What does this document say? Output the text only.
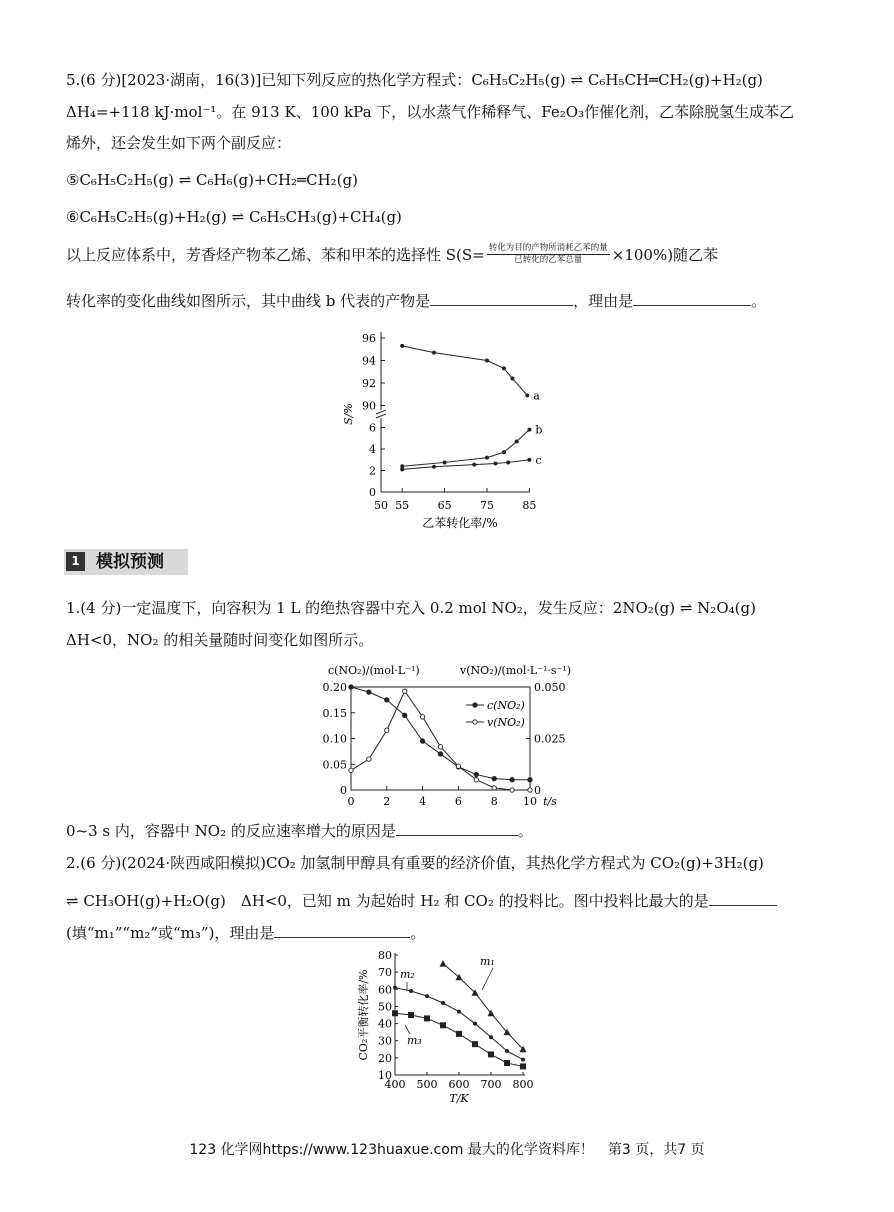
5.(6 分)[2023·湖南，16(3)]已知下列反应的热化学方程式：C₆H₅C₂H₅(g) ⇌ C₆H₅CH═CH₂(g)+H₂(g)
ΔH₄=+118 kJ·mol⁻¹。在 913 K、100 kPa 下，以水蒸气作稀释气、Fe₂O₃作催化剂，乙苯除脱氢生成苯乙
烯外，还会发生如下两个副反应：
⑤C₆H₅C₂H₅(g) ⇌ C₆H₆(g)+CH₂═CH₂(g)
⑥C₆H₅C₂H₅(g)+H₂(g) ⇌ C₆H₅CH₃(g)+CH₄(g)
以上反应体系中，芳香烃产物苯乙烯、苯和甲苯的选择性 $S(S= \frac{\text{转化为目的产物所消耗乙苯的量}}{\text{已转化的乙苯总量}} \times 100\%)$随乙苯
转化率的变化曲线如图所示，其中曲线 b 代表的产物是	，理由是	。
90
92
94
96
0
2
4
6
50 55	65	75	85
乙苯转化率/%
S/%
a
b
c
1 模拟预测
1.(4 分)一定温度下，向容积为 1 L 的绝热容器中充入 0.2 mol NO₂，发生反应：2NO₂(g) ⇌ N₂O₄(g)
ΔH<0，NO₂ 的相关量随时间变化如图所示。
0.05
0.10
0.15
0.20
0
0.025
0.050
0
0	2	4	6	8 10 t/s
c(NO₂)/(mol·L⁻¹)	v(NO₂)/(mol·L⁻¹·s⁻¹)
c(NO₂)
v(NO₂)
0~3 s 内，容器中 NO₂ 的反应速率增大的原因是	。
2.(6 分)(2024·陕西咸阳模拟)CO₂ 加氢制甲醇具有重要的经济价值，其热化学方程式为 CO₂(g)+3H₂(g)
⇌ CH₃OH(g)+H₂O(g)　ΔH<0，已知 m 为起始时 H₂ 和 CO₂ 的投料比。图中投料比最大的是
(填“m₁”“m₂”或“m₃”)，理由是	。
10
20
30
40
50
60
70
80
400 500 600 700 800
T/K
CO₂平衡转化率/%
m₁
m₂
m₃
123 化学网https://www.123huaxue.com 最大的化学资料库！　第3 页，共7 页
